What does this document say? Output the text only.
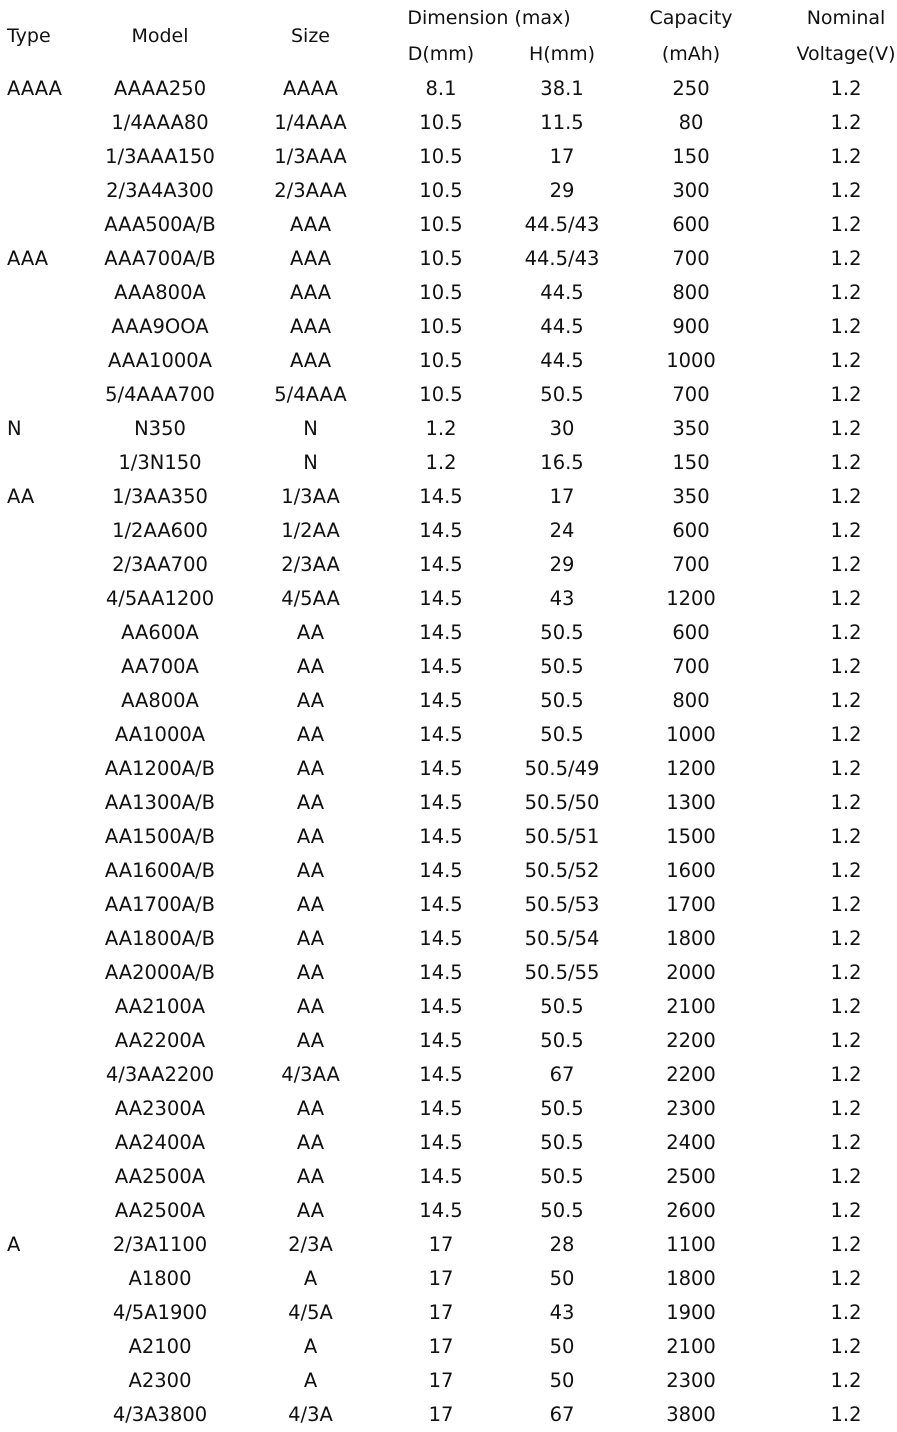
Type	Model	Size	Dimension (max)		Capacity	Nominal
			D(mm)	H(mm)	(mAh)	Voltage(V)
AAAA	AAAA250	AAAA	8.1	38.1	250	1.2
	1/4AAA80	1/4AAA	10.5	11.5	80	1.2
	1/3AAA150	1/3AAA	10.5	17	150	1.2
	2/3A4A300	2/3AAA	10.5	29	300	1.2
	AAA500A/B	AAA	10.5	44.5/43	600	1.2
AAA	AAA700A/B	AAA	10.5	44.5/43	700	1.2
	AAA800A	AAA	10.5	44.5	800	1.2
	AAA9OOA	AAA	10.5	44.5	900	1.2
	AAA1000A	AAA	10.5	44.5	1000	1.2
	5/4AAA700	5/4AAA	10.5	50.5	700	1.2
N	N350	N	1.2	30	350	1.2
	1/3N150	N	1.2	16.5	150	1.2
AA	1/3AA350	1/3AA	14.5	17	350	1.2
	1/2AA600	1/2AA	14.5	24	600	1.2
	2/3AA700	2/3AA	14.5	29	700	1.2
	4/5AA1200	4/5AA	14.5	43	1200	1.2
	AA600A	AA	14.5	50.5	600	1.2
	AA700A	AA	14.5	50.5	700	1.2
	AA800A	AA	14.5	50.5	800	1.2
	AA1000A	AA	14.5	50.5	1000	1.2
	AA1200A/B	AA	14.5	50.5/49	1200	1.2
	AA1300A/B	AA	14.5	50.5/50	1300	1.2
	AA1500A/B	AA	14.5	50.5/51	1500	1.2
	AA1600A/B	AA	14.5	50.5/52	1600	1.2
	AA1700A/B	AA	14.5	50.5/53	1700	1.2
	AA1800A/B	AA	14.5	50.5/54	1800	1.2
	AA2000A/B	AA	14.5	50.5/55	2000	1.2
	AA2100A	AA	14.5	50.5	2100	1.2
	AA2200A	AA	14.5	50.5	2200	1.2
	4/3AA2200	4/3AA	14.5	67	2200	1.2
	AA2300A	AA	14.5	50.5	2300	1.2
	AA2400A	AA	14.5	50.5	2400	1.2
	AA2500A	AA	14.5	50.5	2500	1.2
	AA2500A	AA	14.5	50.5	2600	1.2
A	2/3A1100	2/3A	17	28	1100	1.2
	A1800	A	17	50	1800	1.2
	4/5A1900	4/5A	17	43	1900	1.2
	A2100	A	17	50	2100	1.2
	A2300	A	17	50	2300	1.2
	4/3A3800	4/3A	17	67	3800	1.2
